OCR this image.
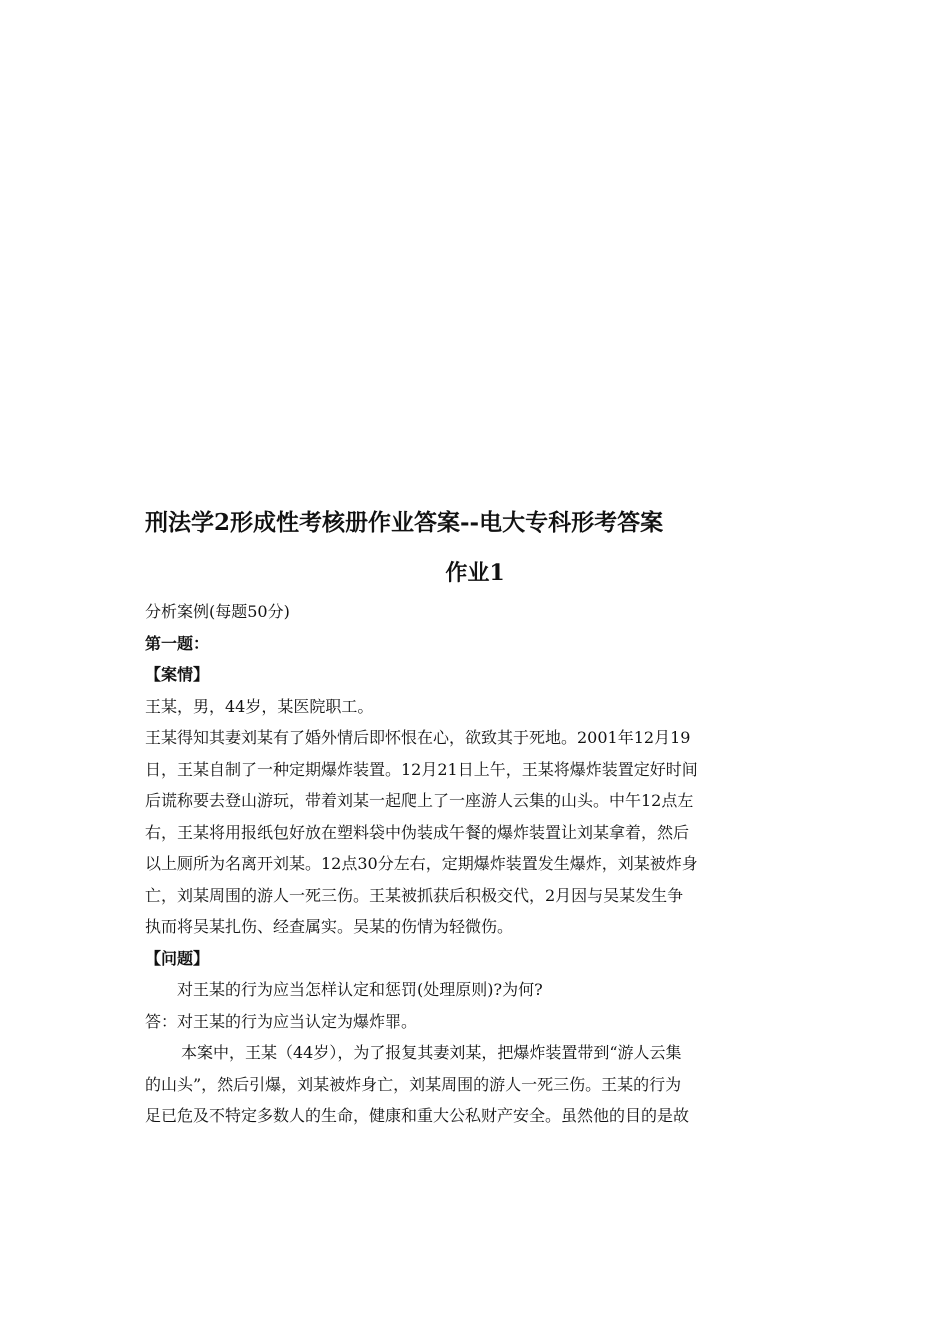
刑法学2形成性考核册作业答案--电大专科形考答案
作业1

分析案例(每题50分)

第一题：

【案情】

王某，男，44岁，某医院职工。

王某得知其妻刘某有了婚外情后即怀恨在心，欲致其于死地。2001年12月19

日，王某自制了一种定期爆炸装置。12月21日上午，王某将爆炸装置定好时间

后谎称要去登山游玩，带着刘某一起爬上了一座游人云集的山头。中午12点左

右，王某将用报纸包好放在塑料袋中伪装成午餐的爆炸装置让刘某拿着，然后

以上厕所为名离开刘某。12点30分左右，定期爆炸装置发生爆炸，刘某被炸身

亡，刘某周围的游人一死三伤。王某被抓获后积极交代，2月因与吴某发生争

执而将吴某扎伤、经查属实。吴某的伤情为轻微伤。

【问题】

对王某的行为应当怎样认定和惩罚(处理原则)?为何?

答：对王某的行为应当认定为爆炸罪。

本案中，王某（44岁），为了报复其妻刘某，把爆炸装置带到“游人云集

的山头”，然后引爆，刘某被炸身亡，刘某周围的游人一死三伤。王某的行为

足已危及不特定多数人的生命，健康和重大公私财产安全。虽然他的目的是故
